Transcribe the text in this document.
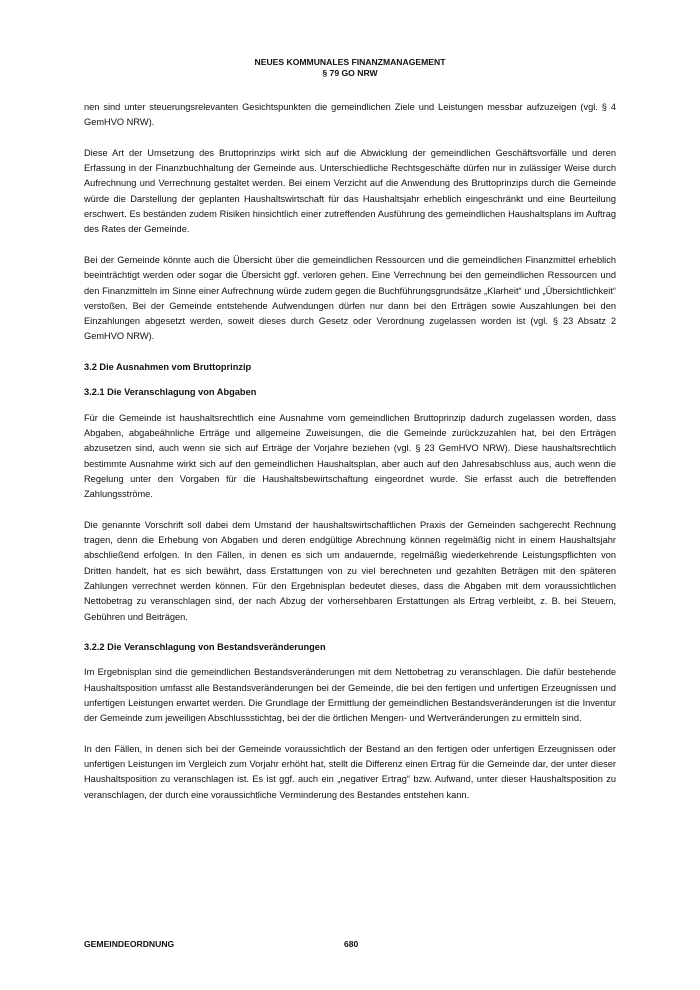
NEUES KOMMUNALES FINANZMANAGEMENT
§ 79 GO NRW

nen sind unter steuerungsrelevanten Gesichtspunkten die gemeindlichen Ziele und Leistungen messbar aufzuzeigen (vgl. § 4 GemHVO NRW).

Diese Art der Umsetzung des Bruttoprinzips wirkt sich auf die Abwicklung der gemeindlichen Geschäftsvorfälle und deren Erfassung in der Finanzbuchhaltung der Gemeinde aus. Unterschiedliche Rechtsgeschäfte dürfen nur in zulässiger Weise durch Aufrechnung und Verrechnung gestaltet werden. Bei einem Verzicht auf die Anwendung des Bruttoprinzips durch die Gemeinde würde die Darstellung der geplanten Haushaltswirtschaft für das Haushaltsjahr erheblich eingeschränkt und eine Beurteilung erschwert. Es beständen zudem Risiken hinsichtlich einer zutreffenden Ausführung des gemeindlichen Haushaltsplans im Auftrag des Rates der Gemeinde.

Bei der Gemeinde könnte auch die Übersicht über die gemeindlichen Ressourcen und die gemeindlichen Finanzmittel erheblich beeinträchtigt werden oder sogar die Übersicht ggf. verloren gehen. Eine Verrechnung bei den gemeindlichen Ressourcen und den Finanzmitteln im Sinne einer Aufrechnung würde zudem gegen die Buchführungsgrundsätze „Klarheit“ und „Übersichtlichkeit“ verstoßen. Bei der Gemeinde entstehende Aufwendungen dürfen nur dann bei den Erträgen sowie Auszahlungen bei den Einzahlungen abgesetzt werden, soweit dieses durch Gesetz oder Verordnung zugelassen worden ist (vgl. § 23 Absatz 2 GemHVO NRW).

3.2 Die Ausnahmen vom Bruttoprinzip
3.2.1 Die Veranschlagung von Abgaben

Für die Gemeinde ist haushaltsrechtlich eine Ausnahme vom gemeindlichen Bruttoprinzip dadurch zugelassen worden, dass Abgaben, abgabeähnliche Erträge und allgemeine Zuweisungen, die die Gemeinde zurückzuzahlen hat, bei den Erträgen abzusetzen sind, auch wenn sie sich auf Erträge der Vorjahre beziehen (vgl. § 23 GemHVO NRW). Diese haushaltsrechtlich bestimmte Ausnahme wirkt sich auf den gemeindlichen Haushaltsplan, aber auch auf den Jahresabschluss aus, auch wenn die Regelung unter den Vorgaben für die Haushaltsbewirtschaftung eingeordnet wurde. Sie erfasst auch die betreffenden Zahlungsströme.

Die genannte Vorschrift soll dabei dem Umstand der haushaltswirtschaftlichen Praxis der Gemeinden sachgerecht Rechnung tragen, denn die Erhebung von Abgaben und deren endgültige Abrechnung können regelmäßig nicht in einem Haushaltsjahr abschließend erfolgen. In den Fällen, in denen es sich um andauernde, regelmäßig wiederkehrende Leistungspflichten von Dritten handelt, hat es sich bewährt, dass Erstattungen von zu viel berechneten und gezahlten Beträgen mit den späteren Zahlungen verrechnet werden können. Für den Ergebnisplan bedeutet dieses, dass die Abgaben mit dem voraussichtlichen Nettobetrag zu veranschlagen sind, der nach Abzug der vorhersehbaren Erstattungen als Ertrag verbleibt, z. B. bei Steuern, Gebühren und Beiträgen.

3.2.2 Die Veranschlagung von Bestandsveränderungen

Im Ergebnisplan sind die gemeindlichen Bestandsveränderungen mit dem Nettobetrag zu veranschlagen. Die dafür bestehende Haushaltsposition umfasst alle Bestandsveränderungen bei der Gemeinde, die bei den fertigen und unfertigen Erzeugnissen und unfertigen Leistungen erwartet werden. Die Grundlage der Ermittlung der gemeindlichen Bestandsveränderungen ist die Inventur der Gemeinde zum jeweiligen Abschlussstichtag, bei der die örtlichen Mengen- und Wertveränderungen zu ermitteln sind.

In den Fällen, in denen sich bei der Gemeinde voraussichtlich der Bestand an den fertigen oder unfertigen Erzeugnissen oder unfertigen Leistungen im Vergleich zum Vorjahr erhöht hat, stellt die Differenz einen Ertrag für die Gemeinde dar, der unter dieser Haushaltsposition zu veranschlagen ist. Es ist ggf. auch ein „negativer Ertrag“ bzw. Aufwand, unter dieser Haushaltsposition zu veranschlagen, der durch eine voraussichtliche Verminderung des Bestandes entstehen kann.

GEMEINDEORDNUNG	680
